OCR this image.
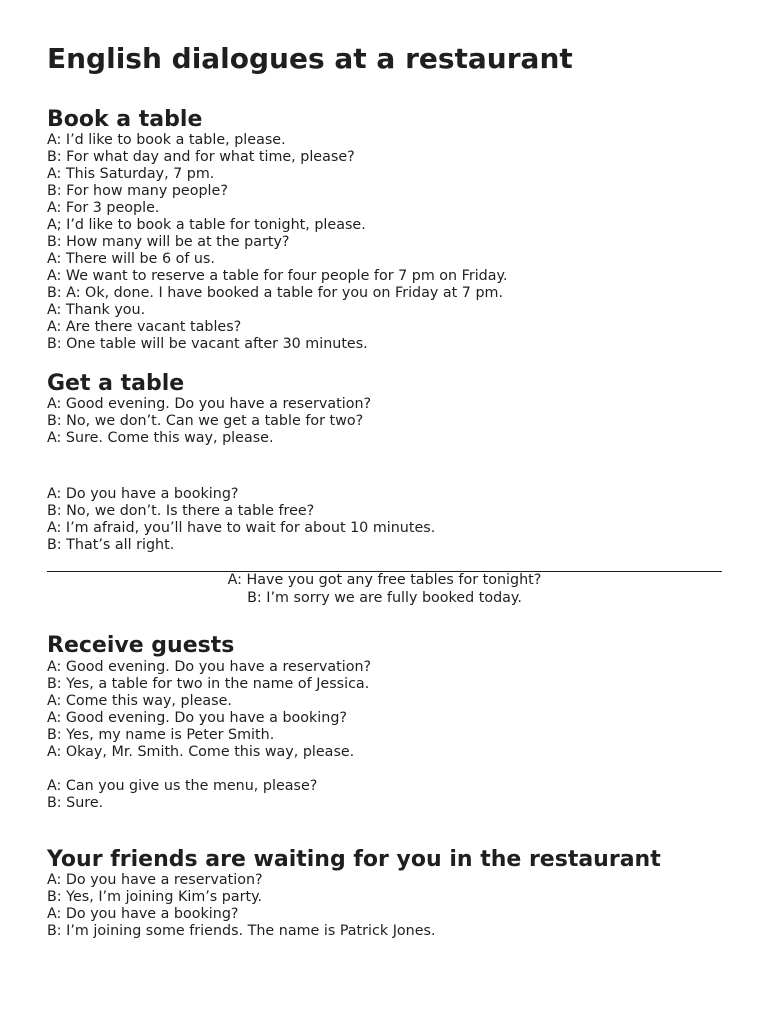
English dialogues at a restaurant
Book a table
A: I’d like to book a table, please.
B: For what day and for what time, please?
A: This Saturday, 7 pm.
B: For how many people?
A: For 3 people.
A; I’d like to book a table for tonight, please.
B: How many will be at the party?
A: There will be 6 of us.
A: We want to reserve a table for four people for 7 pm on Friday.
B: A: Ok, done. I have booked a table for you on Friday at 7 pm.
A: Thank you.
A: Are there vacant tables?
B: One table will be vacant after 30 minutes.
Get a table
A: Good evening. Do you have a reservation?
B: No, we don’t. Can we get a table for two?
A: Sure. Come this way, please.
A: Do you have a booking?
B: No, we don’t. Is there a table free?
A: I’m afraid, you’ll have to wait for about 10 minutes.
B: That’s all right.
A: Have you got any free tables for tonight?
B: I’m sorry we are fully booked today.
Receive guests
A: Good evening. Do you have a reservation?
B: Yes, a table for two in the name of Jessica.
A: Come this way, please.
A: Good evening. Do you have a booking?
B: Yes, my name is Peter Smith.
A: Okay, Mr. Smith. Come this way, please.
A: Can you give us the menu, please?
B: Sure.
Your friends are waiting for you in the restaurant
A: Do you have a reservation?
B: Yes, I’m joining Kim’s party.
A: Do you have a booking?
B: I’m joining some friends. The name is Patrick Jones.
